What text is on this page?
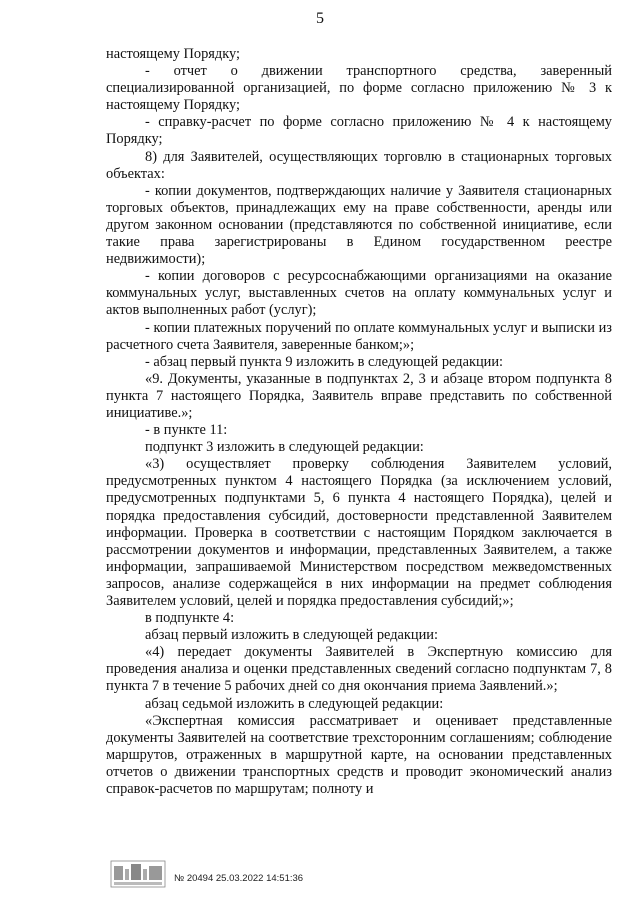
5

настоящему Порядку;

- отчет о движении транспортного средства, заверенный специализированной организацией, по форме согласно приложению № 3 к настоящему Порядку;

- справку-расчет по форме согласно приложению № 4 к настоящему Порядку;

8) для Заявителей, осуществляющих торговлю в стационарных торговых объектах:

- копии документов, подтверждающих наличие у Заявителя стационарных торговых объектов, принадлежащих ему на праве собственности, аренды или другом законном основании (представляются по собственной инициативе, если такие права зарегистрированы в Едином государственном реестре недвижимости);

- копии договоров с ресурсоснабжающими организациями на оказание коммунальных услуг, выставленных счетов на оплату коммунальных услуг и актов выполненных работ (услуг);

- копии платежных поручений по оплате коммунальных услуг и выписки из расчетного счета Заявителя, заверенные банком;»;

- абзац первый пункта 9 изложить в следующей редакции:

«9. Документы, указанные в подпунктах 2, 3 и абзаце втором подпункта 8 пункта 7 настоящего Порядка, Заявитель вправе представить по собственной инициативе.»;

- в пункте 11:

подпункт 3 изложить в следующей редакции:

«3) осуществляет проверку соблюдения Заявителем условий, предусмотренных пунктом 4 настоящего Порядка (за исключением условий, предусмотренных подпунктами 5, 6 пункта 4 настоящего Порядка), целей и порядка предоставления субсидий, достоверности представленной Заявителем информации. Проверка в соответствии с настоящим Порядком заключается в рассмотрении документов и информации, представленных Заявителем, а также информации, запрашиваемой Министерством посредством межведомственных запросов, анализе содержащейся в них информации на предмет соблюдения Заявителем условий, целей и порядка предоставления субсидий;»;

в подпункте 4:

абзац первый изложить в следующей редакции:

«4) передает документы Заявителей в Экспертную комиссию для проведения анализа и оценки представленных сведений согласно подпунктам 7, 8 пункта 7 в течение 5 рабочих дней со дня окончания приема Заявлений.»;

абзац седьмой изложить в следующей редакции:

«Экспертная комиссия рассматривает и оценивает представленные документы Заявителей на соответствие трехсторонним соглашениям; соблюдение маршрутов, отраженных в маршрутной карте, на основании представленных отчетов о движении транспортных средств и проводит экономический анализ справок-расчетов по маршрутам; полноту и

№ 20494 25.03.2022 14:51:36
